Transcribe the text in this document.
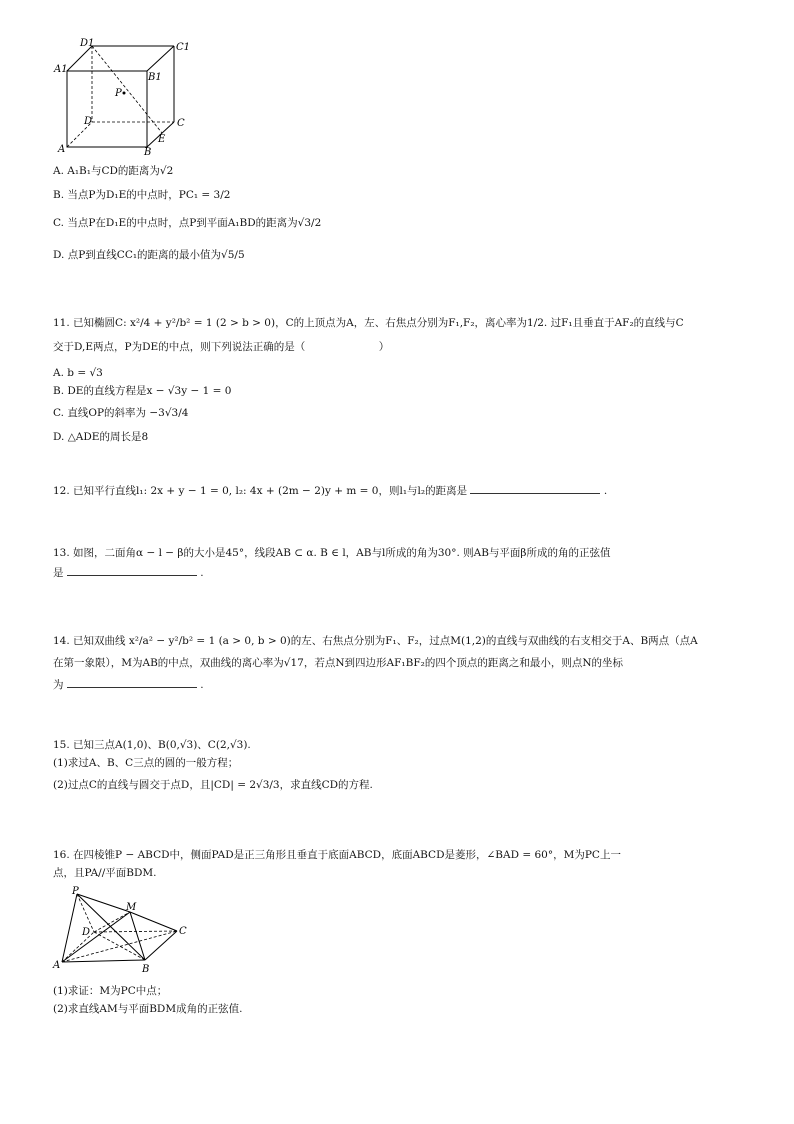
D1	C1
A1
B1
P
D	C
A	B
E
A. A₁B₁与CD的距离为√2
B. 当点P为D₁E的中点时，PC₁ = 3/2
C. 当点P在D₁E的中点时，点P到平面A₁BD的距离为√3/2
D. 点P到直线CC₁的距离的最小值为√5/5
11. 已知椭圆C: x²/4 + y²/b² = 1 (2 > b > 0)，C的上顶点为A，左、右焦点分别为F₁,F₂，离心率为1/2. 过F₁且垂直于AF₂的直线与C
交于D,E两点，P为DE的中点，则下列说法正确的是（　　　　　　　）
A. b = √3
B. DE的直线方程是x − √3y − 1 = 0
C. 直线OP的斜率为 −3√3/4
D. △ADE的周长是8
12. 已知平行直线l₁: 2x + y − 1 = 0, l₂: 4x + (2m − 2)y + m = 0，则l₁与l₂的距离是	.
13. 如图，二面角α − l − β的大小是45°，线段AB ⊂ α. B ∈ l，AB与l所成的角为30°. 则AB与平面β所成的角的正弦值
是	.
14. 已知双曲线 x²/a² − y²/b² = 1 (a > 0, b > 0)的左、右焦点分别为F₁、F₂，过点M(1,2)的直线与双曲线的右支相交于A、B两点（点A
在第一象限），M为AB的中点，双曲线的离心率为√17，若点N到四边形AF₁BF₂的四个顶点的距离之和最小，则点N的坐标
为	.
15. 已知三点A(1,0)、B(0,√3)、C(2,√3).
(1)求过A、B、C三点的圆的一般方程；
(2)过点C的直线与圆交于点D，且|CD| = 2√3/3，求直线CD的方程.
16. 在四棱锥P − ABCD中，侧面PAD是正三角形且垂直于底面ABCD，底面ABCD是菱形，∠BAD = 60°，M为PC上一
点，且PA//平面BDM.
P
M
D	C
A	B
(1)求证：M为PC中点；
(2)求直线AM与平面BDM成角的正弦值.
